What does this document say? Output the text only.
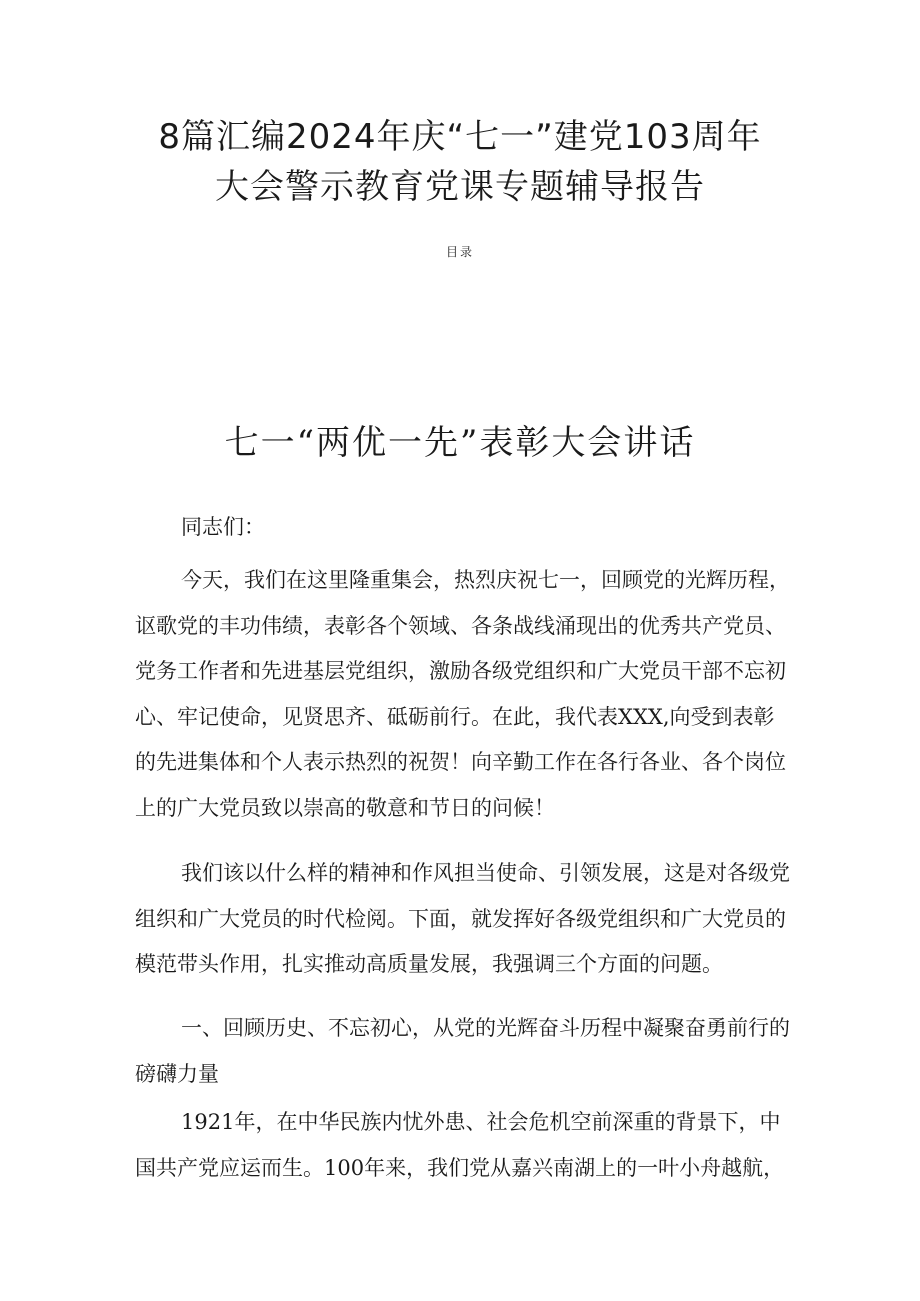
8篇汇编2024年庆“七一”建党103周年
大会警示教育党课专题辅导报告
目录
七一“两优一先”表彰大会讲话

同志们：

今天，我们在这里隆重集会，热烈庆祝七一，回顾党的光辉历程，讴歌党的丰功伟绩，表彰各个领域、各条战线涌现出的优秀共产党员、党务工作者和先进基层党组织，激励各级党组织和广大党员干部不忘初心、牢记使命，见贤思齐、砥砺前行。在此，我代表XXX,向受到表彰的先进集体和个人表示热烈的祝贺！向辛勤工作在各行各业、各个岗位上的广大党员致以崇高的敬意和节日的问候！

我们该以什么样的精神和作风担当使命、引领发展，这是对各级党组织和广大党员的时代检阅。下面，就发挥好各级党组织和广大党员的模范带头作用，扎实推动高质量发展，我强调三个方面的问题。

一、回顾历史、不忘初心，从党的光辉奋斗历程中凝聚奋勇前行的磅礴力量

1921年，在中华民族内忧外患、社会危机空前深重的背景下，中国共产党应运而生。100年来，我们党从嘉兴南湖上的一叶小舟越航，
